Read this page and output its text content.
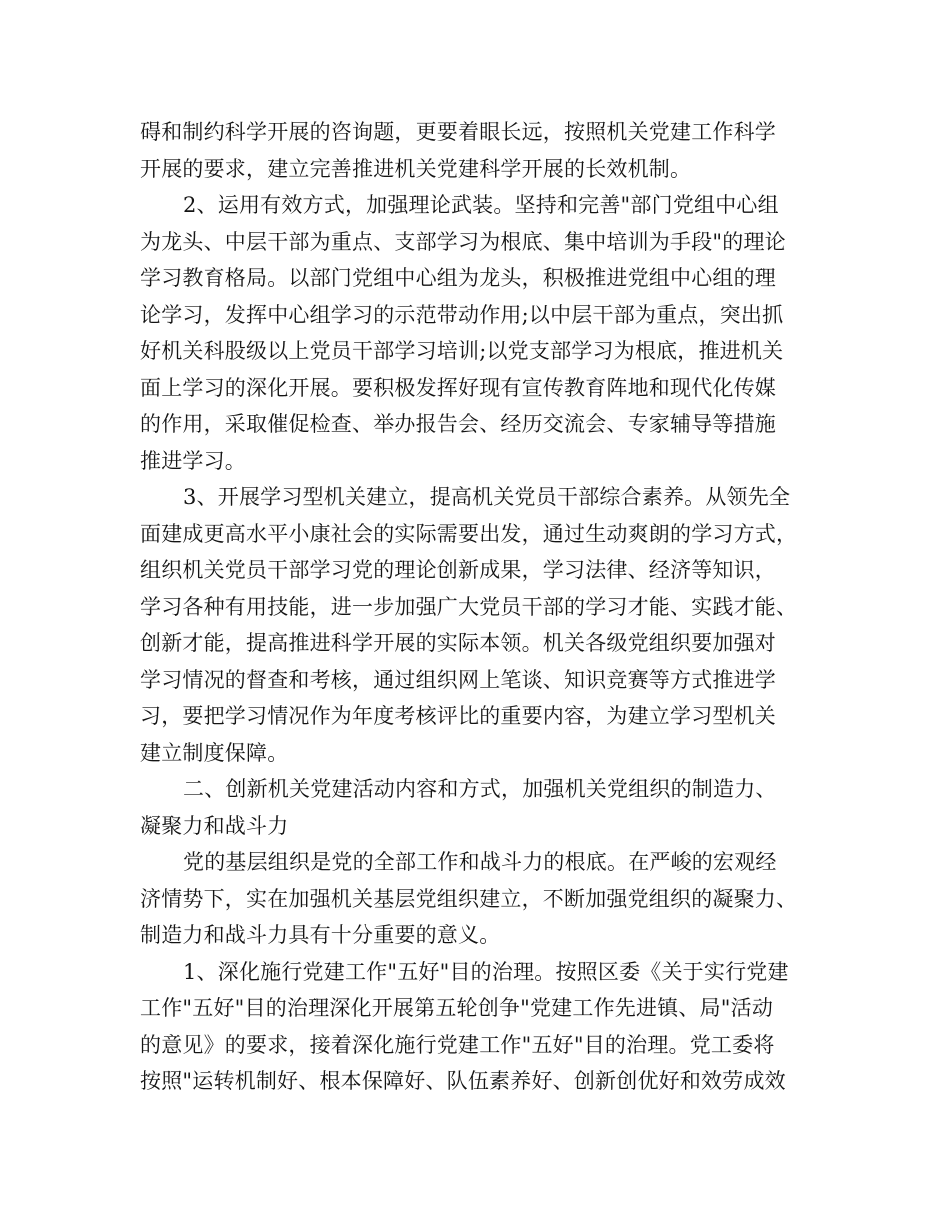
碍和制约科学开展的咨询题，更要着眼长远，按照机关党建工作科学
开展的要求，建立完善推进机关党建科学开展的长效机制。
2、运用有效方式，加强理论武装。坚持和完善"部门党组中心组
为龙头、中层干部为重点、支部学习为根底、集中培训为手段"的理论
学习教育格局。以部门党组中心组为龙头，积极推进党组中心组的理
论学习，发挥中心组学习的示范带动作用;以中层干部为重点，突出抓
好机关科股级以上党员干部学习培训;以党支部学习为根底，推进机关
面上学习的深化开展。要积极发挥好现有宣传教育阵地和现代化传媒
的作用，采取催促检查、举办报告会、经历交流会、专家辅导等措施
推进学习。
3、开展学习型机关建立，提高机关党员干部综合素养。从领先全
面建成更高水平小康社会的实际需要出发，通过生动爽朗的学习方式，
组织机关党员干部学习党的理论创新成果，学习法律、经济等知识，
学习各种有用技能，进一步加强广大党员干部的学习才能、实践才能、
创新才能，提高推进科学开展的实际本领。机关各级党组织要加强对
学习情况的督查和考核，通过组织网上笔谈、知识竞赛等方式推进学
习，要把学习情况作为年度考核评比的重要内容，为建立学习型机关
建立制度保障。
二、创新机关党建活动内容和方式，加强机关党组织的制造力、
凝聚力和战斗力
党的基层组织是党的全部工作和战斗力的根底。在严峻的宏观经
济情势下，实在加强机关基层党组织建立，不断加强党组织的凝聚力、
制造力和战斗力具有十分重要的意义。
1、深化施行党建工作"五好"目的治理。按照区委《关于实行党建
工作"五好"目的治理深化开展第五轮创争"党建工作先进镇、局"活动
的意见》的要求，接着深化施行党建工作"五好"目的治理。党工委将
按照"运转机制好、根本保障好、队伍素养好、创新创优好和效劳成效
